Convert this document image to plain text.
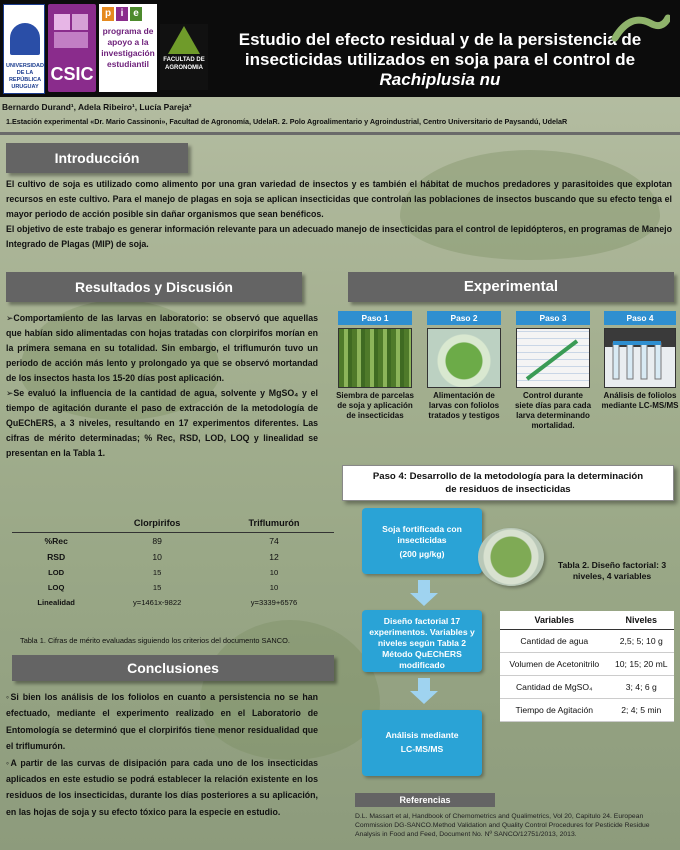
UNIVERSIDAD DE LA REPÚBLICA URUGUAY
CSIC
p i e
programa de apoyo a la investigación estudiantil	FACULTAD DE AGRONOMIA
Estudio del efecto residual y de la persistencia de
insecticidas utilizados en soja para el control de
Rachiplusia nu
Bernardo Durand¹, Adela Ribeiro¹, Lucía Pareja²
1.Estación experimental «Dr. Mario Cassinoni», Facultad de Agronomía, UdelaR. 2. Polo Agroalimentario y Agroindustrial, Centro Universitario de Paysandú, UdelaR
Introducción

El cultivo de soja es utilizado como alimento por una gran variedad de insectos y es también el hábitat de muchos predadores y parasitoides que explotan recursos en este cultivo. Para el manejo de plagas en soja se aplican insecticidas que controlan las poblaciones de insectos buscando que su efecto tenga el mayor periodo de acción posible sin dañar organismos que sean benéficos.

El objetivo de este trabajo es generar información relevante para un adecuado manejo de insecticidas para el control de lepidópteros, en programas de Manejo Integrado de Plagas (MIP) de soja.

Resultados y Discusión

➢Comportamiento de las larvas en laboratorio: se observó que aquellas que habían sido alimentadas con hojas tratadas con clorpirifos morían en la primera semana en su totalidad. Sin embargo, el triflumurón tuvo un periodo de acción más lento y prolongado ya que se observó mortandad de los insectos hasta los 15-20 días post aplicación.

➢Se evaluó la influencia de la cantidad de agua, solvente y MgSO₄ y el tiempo de agitación durante el paso de extracción de la metodología de QuEChERS, a 3 niveles, resultando en 17 experimentos diferentes. Las cifras de mérito determinadas; % Rec, RSD, LOD, LOQ y linealidad se presentan en la Tabla 1.

	Clorpirifos	Triflumurón
%Rec	89	74
RSD	10	12
LOD	15	10
LOQ	15	10
Linealidad	y=1461x-9822	y=3339+6576
Tabla 1. Cifras de mérito evaluadas siguiendo los criterios del documento SANCO.
Conclusiones

◦Si bien los análisis de los foliolos en cuanto a persistencia no se han efectuado, mediante el experimento realizado en el Laboratorio de Entomología se determinó que el clorpirifós tiene menor residualidad que el triflumurón.

◦A partir de las curvas de disipación para cada uno de los insecticidas aplicados en este estudio se podrá establecer la relación existente en los residuos de los insecticidas, durante los días posteriores a su aplicación, en las hojas de soja y su efecto tóxico para la especie en estudio.

Experimental
Paso 1	Paso 2	Paso 3	Paso 4
Siembra de parcelas de soja y aplicación de insecticidas
Alimentación de larvas con foliolos tratados y testigos
Control durante siete días para cada larva determinando mortalidad.
Análisis de foliolos mediante LC-MS/MS
Paso 4: Desarrollo de la metodología para la determinación
de residuos de insecticidas
Soja fortificada con insecticidas
(200 µg/kg)
Tabla 2. Diseño factorial: 3 niveles, 4 variables
Diseño factorial 17 experimentos. Variables y niveles según Tabla 2
Método QuEChERS modificado
Análisis mediante
LC-MS/MS
Variables	Niveles
Cantidad de agua	2,5; 5; 10 g
Volumen de Acetonitrilo	10; 15; 20 mL
Cantidad de MgSO₄	3; 4; 6 g
Tiempo de Agitación	2; 4; 5 min
Referencias
D.L. Massart et al, Handbook of Chemometrics and Qualimetrics, Vol 20, Capitulo 24. European Commission DG-SANCO.Method Validation and Quality Control Procedures for Pesticide Residue Analysis in Food and Feed, Document No. Nº SANCO/12751/2013, 2013.
